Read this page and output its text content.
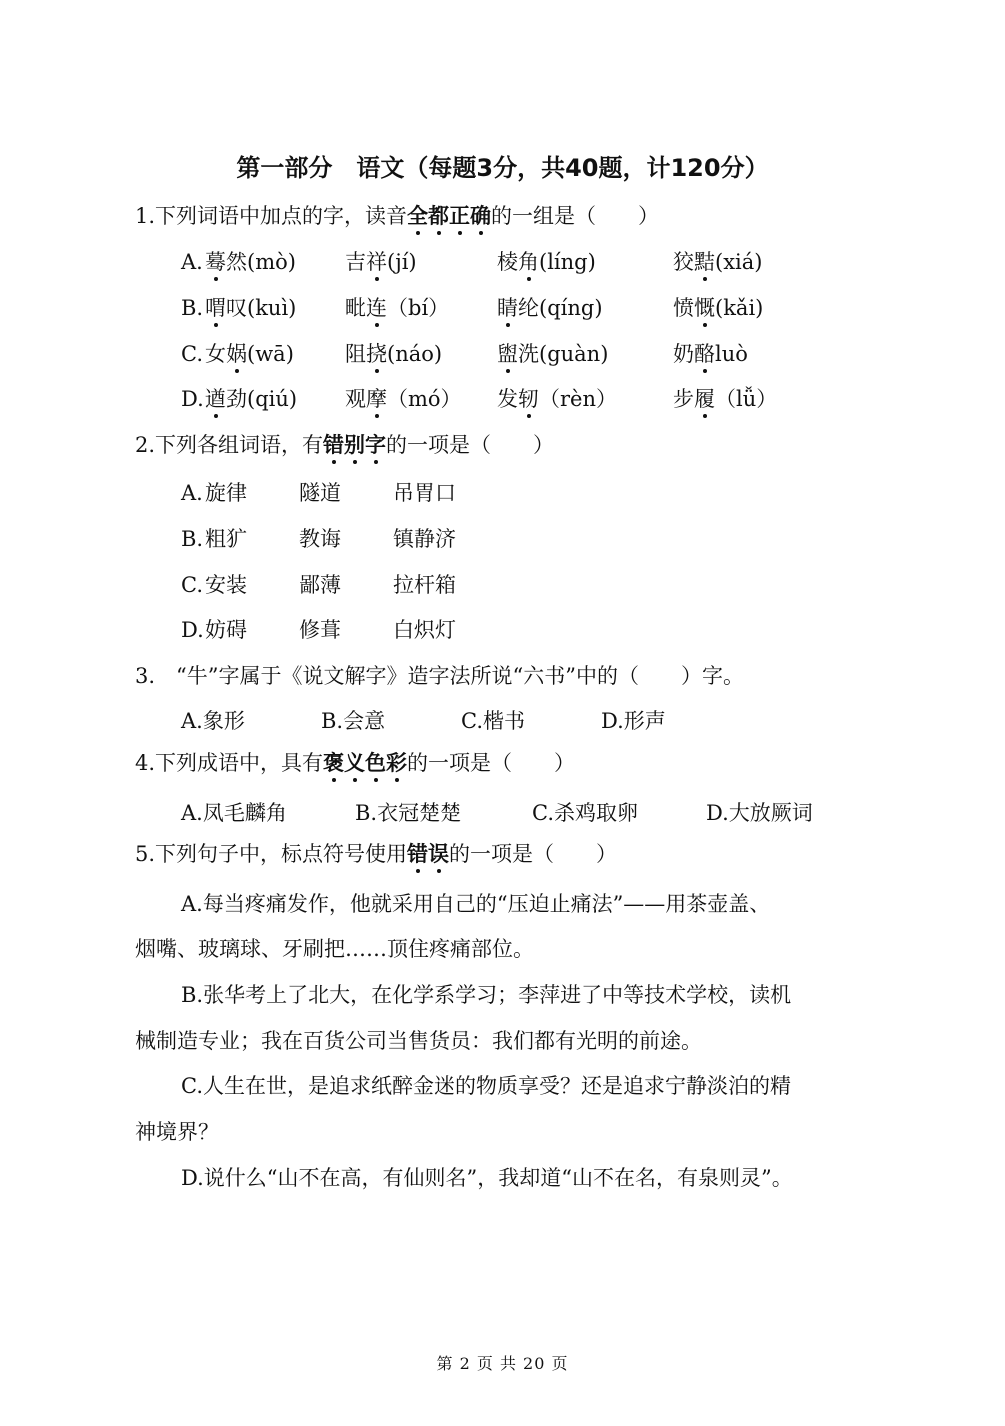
第一部分　语文（每题3分，共40题，计120分）
1.下列词语中加点的字，读音全都正确的一组是（　　）
A. 蓦然(mò) 吉祥(jí)	棱角(líng)	狡黠(xiá)
B. 喟叹(kuì) 毗连（bí） 睛纶(qíng)	愤慨(kǎi)
C. 女娲(wā) 阻挠(náo)	盥洗(guàn)	奶酪luò
D. 遒劲(qiú) 观摩（mó） 发轫（rèn）	步履（lǚ）
2.下列各组词语，有错别字的一项是（　　）
A. 旋律 隧道 吊胃口
B. 粗犷 教诲 镇静济
C. 安装 鄙薄 拉杆箱
D. 妨碍 修葺 白炽灯
3.　“牛”字属于《说文解字》造字法所说“六书”中的（　　）字。
A.象形	B.会意	C.楷书	D.形声
4.下列成语中，具有褒义色彩的一项是（　　）
A.凤毛麟角	B.衣冠楚楚	C.杀鸡取卵	D.大放厥词
5.下列句子中，标点符号使用错误的一项是（　　）
A.每当疼痛发作，他就采用自己的“压迫止痛法”——用茶壶盖、
烟嘴、玻璃球、牙刷把……顶住疼痛部位。
B.张华考上了北大，在化学系学习；李萍进了中等技术学校，读机
械制造专业；我在百货公司当售货员：我们都有光明的前途。
C.人生在世，是追求纸醉金迷的物质享受？还是追求宁静淡泊的精
神境界？
D.说什么“山不在高，有仙则名”，我却道“山不在名，有泉则灵”。
第 2 页 共 20 页
